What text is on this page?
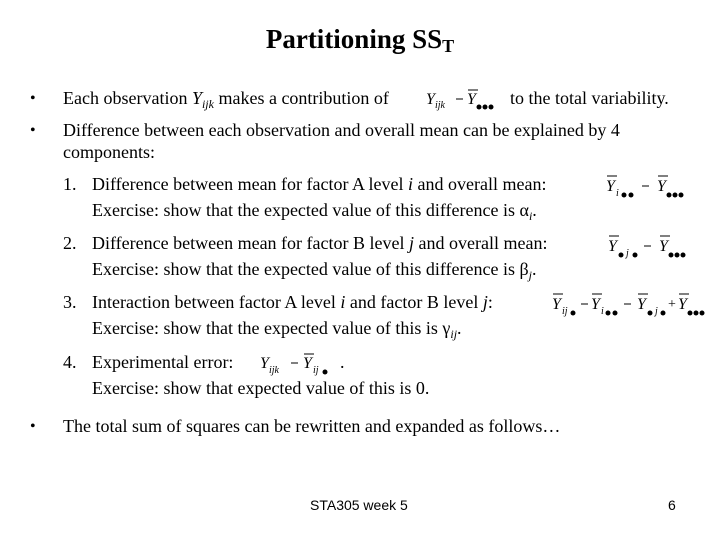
Partitioning $SS_T$
• Each observation $Y_{ijk}$ makes a contribution of Y ijk Y to the total variability.
• Difference between each observation and overall mean can be explained by 4
components:
1. Difference between mean for factor A level i and overall mean:	Y i Y
Exercise: show that the expected value of this difference is $\alpha_i$.
2. Difference between mean for factor B level j and overall mean:	Y j Y
Exercise: show that the expected value of this difference is $\beta_j$.
3. Interaction between factor A level i and factor B level j:	Y ij Y i Y j + Y
Exercise: show that the expected value of this is $\gamma_{ij}$.
4. Experimental error: Y ijk Y ij .
Exercise: show that expected value of this is 0.
• The total sum of squares can be rewritten and expanded as follows…
STA305 week 5	6
